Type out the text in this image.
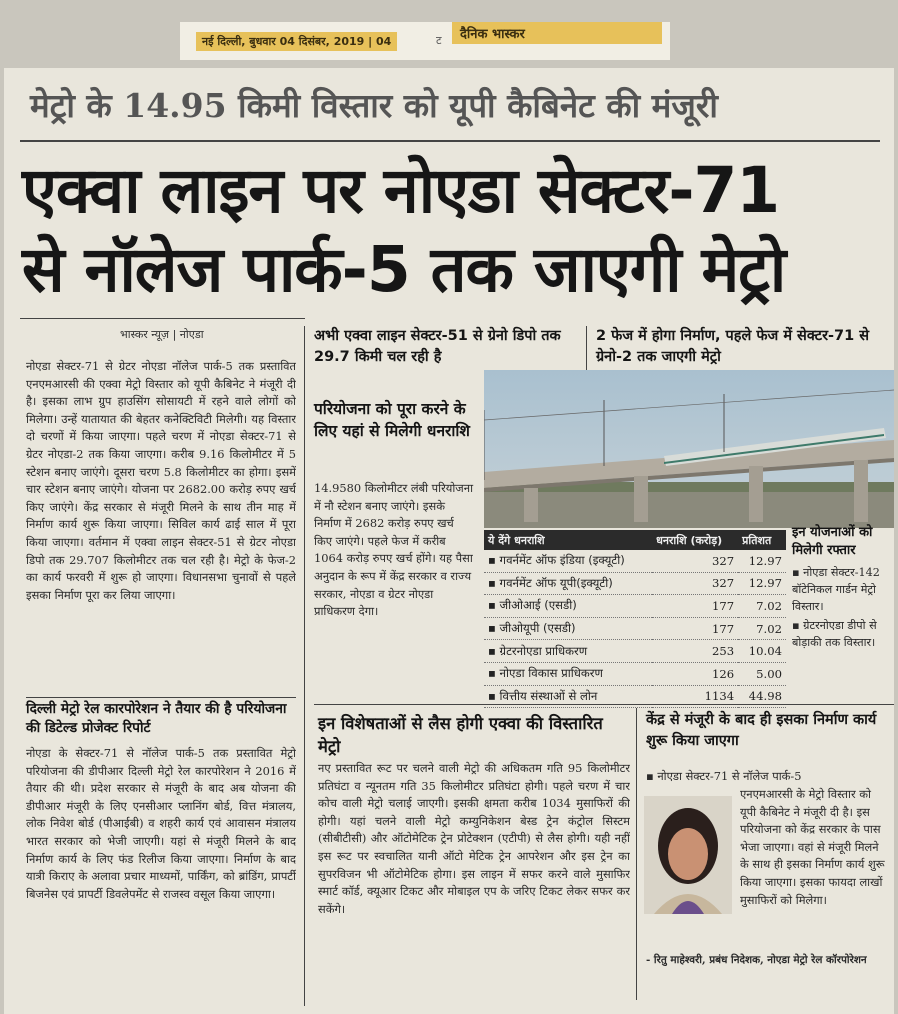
नई दिल्ली, बुधवार 04 दिसंबर, 2019 | 04	ट	दैनिक भास्कर
मेट्रो के 14.95 किमी विस्तार को यूपी कैबिनेट की मंजूरी
एक्वा लाइन पर नोएडा सेक्टर-71
से नॉलेज पार्क-5 तक जाएगी मेट्रो
भास्कर न्यूज़ | नोएडा
नोएडा सेक्टर-71 से ग्रेटर नोएडा नॉलेज पार्क-5 तक प्रस्तावित एनएमआरसी की एक्वा मेट्रो विस्तार को यूपी कैबिनेट ने मंजूरी दी है। इसका लाभ ग्रुप हाउसिंग सोसायटी में रहने वाले लोगों को मिलेगा। उन्हें यातायात की बेहतर कनेक्टिविटी मिलेगी। यह विस्तार दो चरणों में किया जाएगा। पहले चरण में नोएडा सेक्टर-71 से ग्रेटर नोएडा-2 तक किया जाएगा। करीब 9.16 किलोमीटर में 5 स्टेशन बनाए जाएंगे। दूसरा चरण 5.8 किलोमीटर का होगा। इसमें चार स्टेशन बनाए जाएंगे। योजना पर 2682.00 करोड़ रुपए खर्च किए जाएंगे। केंद्र सरकार से मंजूरी मिलने के साथ तीन माह में निर्माण कार्य शुरू किया जाएगा। सिविल कार्य ढाई साल में पूरा किया जाएगा। वर्तमान में एक्वा लाइन सेक्टर-51 से ग्रेटर नोएडा डिपो तक 29.707 किलोमीटर तक चल रही है। मेट्रो के फेज-2 का कार्य फरवरी में शुरू हो जाएगा। विधानसभा चुनावों से पहले इसका निर्माण पूरा कर लिया जाएगा।
दिल्ली मेट्रो रेल कारपोरेशन ने तैयार की है परियोजना की डिटेल्ड प्रोजेक्ट रिपोर्ट
नोएडा के सेक्टर-71 से नॉलेज पार्क-5 तक प्रस्तावित मेट्रो परियोजना की डीपीआर दिल्ली मेट्रो रेल कारपोरेशन ने 2016 में तैयार की थी। प्रदेश सरकार से मंजूरी के बाद अब योजना की डीपीआर मंजूरी के लिए एनसीआर प्लानिंग बोर्ड, वित्त मंत्रालय, लोक निवेश बोर्ड (पीआईबी) व शहरी कार्य एवं आवासन मंत्रालय भारत सरकार को भेजी जाएगी। यहां से मंजूरी मिलने के बाद निर्माण कार्य के लिए फंड रिलीज किया जाएगा। निर्माण के बाद यात्री किराए के अलावा प्रचार माध्यमों, पार्किंग, को ब्रांडिंग, प्रापर्टी बिजनेस एवं प्रापर्टी डिवलेपमेंट से राजस्व वसूल किया जाएगा।
अभी एक्वा लाइन सेक्टर-51 से ग्रेनो डिपो तक 29.7 किमी चल रही है
2 फेज में होगा निर्माण, पहले फेज में सेक्टर-71 से ग्रेनो-2 तक जाएगी मेट्रो
परियोजना को पूरा करने के लिए यहां से मिलेगी धनराशि
14.9580 किलोमीटर लंबी परियोजना में नौ स्टेशन बनाए जाएंगे। इसके निर्माण में 2682 करोड़ रुपए खर्च किए जाएंगे। पहले फेज में करीब 1064 करोड़ रुपए खर्च होंगे। यह पैसा अनुदान के रूप में केंद्र सरकार व राज्य सरकार, नोएडा व ग्रेटर नोएडा प्राधिकरण देगा।
ये देंगे धनराशि	धनराशि (करोड़)	प्रतिशत
▪ गवर्नमेंट ऑफ इंडिया (इक्यूटी)	327	12.97
▪ गवर्नमेंट ऑफ यूपी(इक्यूटी)	327	12.97
▪ जीओआई (एसडी)	177	7.02
▪ जीओयूपी (एसडी)	177	7.02
▪ ग्रेटरनोएडा प्राधिकरण	253	10.04
▪ नोएडा विकास प्राधिकरण	126	5.00
▪ वित्तीय संस्थाओं से लोन	1134	44.98
इन योजनाओं को मिलेगी रफ्तार
▪ नोएडा सेक्टर-142 बॉटेनिकल गार्डन मेट्रो विस्तार।
▪ ग्रेटरनोएडा डीपो से बोड़ाकी तक विस्तार।
इन विशेषताओं से लैस होगी एक्वा की विस्तारित मेट्रो
नए प्रस्तावित रूट पर चलने वाली मेट्रो की अधिकतम गति 95 किलोमीटर प्रतिघंटा व न्यूनतम गति 35 किलोमीटर प्रतिघंटा होगी। पहले चरण में चार कोच वाली मेट्रो चलाई जाएगी। इसकी क्षमता करीब 1034 मुसाफिरों की होगी। यहां चलने वाली मेट्रो कम्युनिकेशन बेस्ड ट्रेन कंट्रोल सिस्टम (सीबीटीसी) और ऑटोमेटिक ट्रेन प्रोटेक्शन (एटीपी) से लैस होगी। यही नहीं इस रूट पर स्वचालित यानी ऑटो मेटिक ट्रेन आपरेशन और इस ट्रेन का सुपरविजन भी ऑटोमेटिक होगा। इस लाइन में सफर करने वाले मुसाफिर स्मार्ट कॉर्ड, क्यूआर टिकट और मोबाइल एप के जरिए टिकट लेकर सफर कर सकेंगे।
केंद्र से मंजूरी के बाद ही इसका निर्माण कार्य शुरू किया जाएगा
▪ नोएडा सेक्टर-71 से नॉलेज पार्क-5
एनएमआरसी के मेट्रो विस्तार को यूपी कैबिनेट ने मंजूरी दी है। इस परियोजना को केंद्र सरकार के पास भेजा जाएगा। वहां से मंजूरी मिलने के साथ ही इसका निर्माण कार्य शुरू किया जाएगा। इसका फायदा लाखों मुसाफिरों को मिलेगा।
- रितु माहेश्वरी, प्रबंध निदेशक, नोएडा मेट्रो रेल कॉरपोरेशन
